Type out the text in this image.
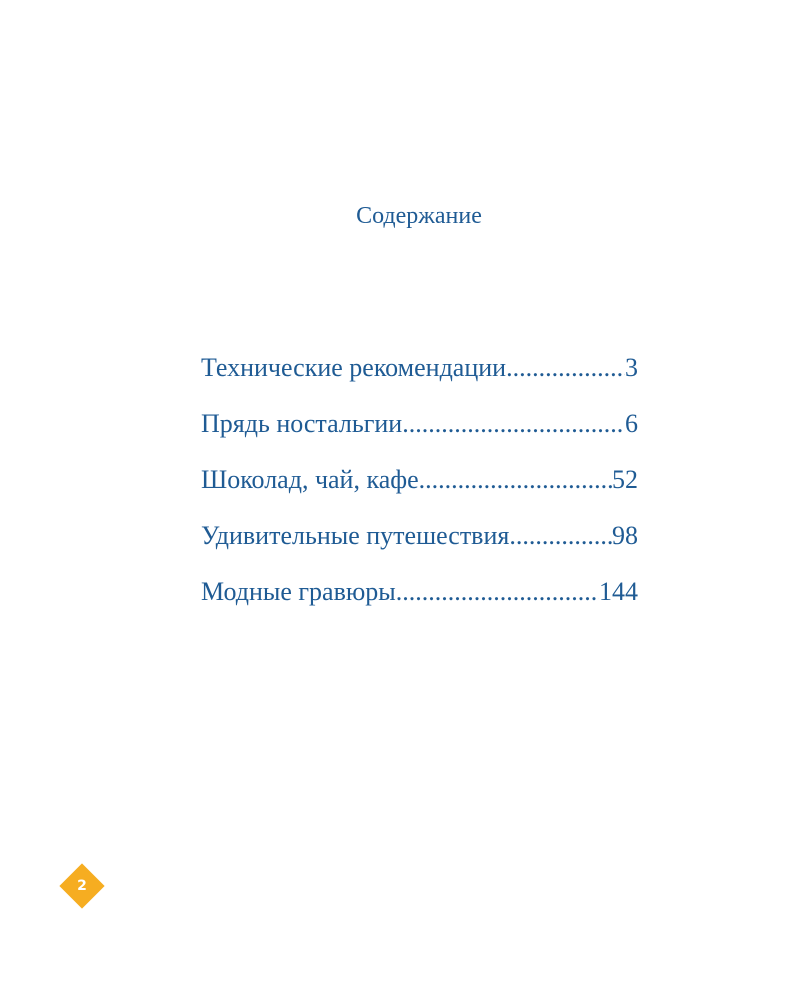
Содержание
Технические рекомендации .....	3
Прядь ностальгии .....	6
Шоколад, чай, кафе .....	52
Удивительные путешествия .....	98
Модные гравюры .....	144
2
